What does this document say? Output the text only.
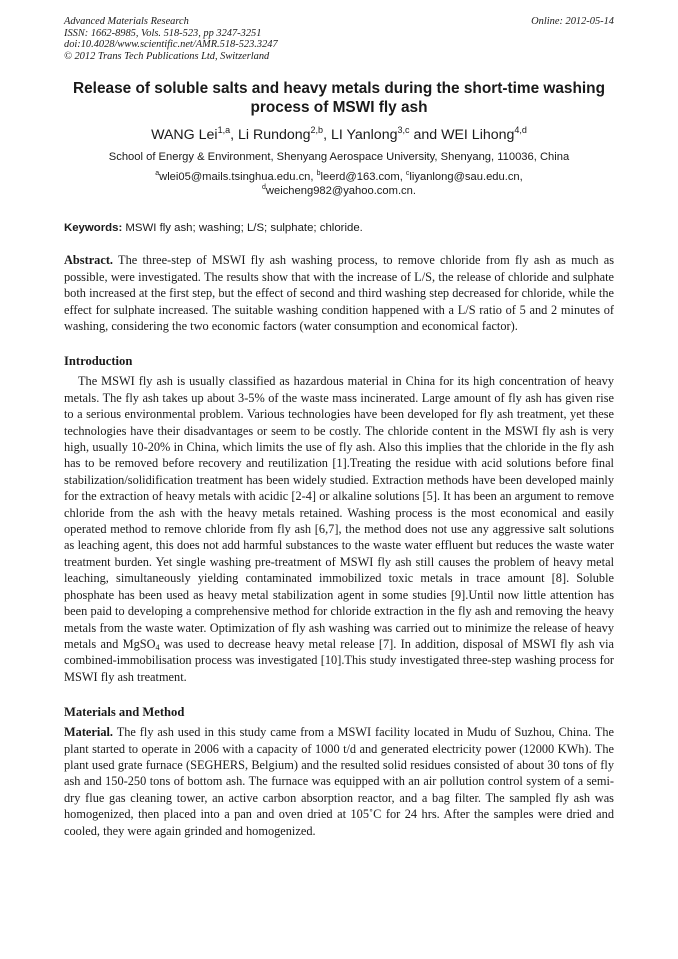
Advanced Materials Research
ISSN: 1662-8985, Vols. 518-523, pp 3247-3251
doi:10.4028/www.scientific.net/AMR.518-523.3247
© 2012 Trans Tech Publications Ltd, Switzerland
Online: 2012-05-14
Release of soluble salts and heavy metals during the short-time washing process of MSWI fly ash
WANG Lei$^{1,a}$, Li Rundong$^{2,b}$, LI Yanlong$^{3,c}$ and WEI Lihong$^{4,d}$
School of Energy & Environment, Shenyang Aerospace University, Shenyang, 110036, China
$^a$wlei05@mails.tsinghua.edu.cn, $^b$leerd@163.com, $^c$liyanlong@sau.edu.cn,
$^d$weicheng982@yahoo.com.cn.
Keywords: MSWI fly ash; washing; L/S; sulphate; chloride.

Abstract. The three-step of MSWI fly ash washing process, to remove chloride from fly ash as much as possible, were investigated. The results show that with the increase of L/S, the release of chloride and sulphate both increased at the first step, but the effect of second and third washing step decreased for chloride, while the effect for sulphate increased. The suitable washing condition happened with a L/S ratio of 5 and 2 minutes of washing, considering the two economic factors (water consumption and economical factor).

Introduction

The MSWI fly ash is usually classified as hazardous material in China for its high concentration of heavy metals. The fly ash takes up about 3-5% of the waste mass incinerated. Large amount of fly ash has given rise to a serious environmental problem. Various technologies have been developed for fly ash treatment, yet these technologies have their disadvantages or seem to be costly. The chloride content in the MSWI fly ash is very high, usually 10-20% in China, which limits the use of fly ash. Also this implies that the chloride in the fly ash has to be removed before recovery and reutilization [1].Treating the residue with acid solutions before final stabilization/solidification treatment has been widely studied. Extraction methods have been developed mainly for the extraction of heavy metals with acidic [2-4] or alkaline solutions [5]. It has been an argument to remove chloride from the ash with the heavy metals retained. Washing process is the most economical and easily operated method to remove chloride from fly ash [6,7], the method does not use any aggressive salt solutions as leaching agent, this does not add harmful substances to the waste water effluent but reduces the waste water treatment burden. Yet single washing pre-treatment of MSWI fly ash still causes the problem of heavy metal leaching, simultaneously yielding contaminated immobilized toxic metals in trace amount [8]. Soluble phosphate has been used as heavy metal stabilization agent in some studies [9].Until now little attention has been paid to developing a comprehensive method for chloride extraction in the fly ash and removing the heavy metals from the waste water. Optimization of fly ash washing was carried out to minimize the release of heavy metals and MgSO$_4$ was used to decrease heavy metal release [7]. In addition, disposal of MSWI fly ash via combined-immobilisation process was investigated [10].This study investigated three-step washing process for MSWI fly ash treatment.

Materials and Method

Material. The fly ash used in this study came from a MSWI facility located in Mudu of Suzhou, China. The plant started to operate in 2006 with a capacity of 1000 t/d and generated electricity power (12000 KWh). The plant used grate furnace (SEGHERS, Belgium) and the resulted solid residues consisted of about 30 tons of fly ash and 150-250 tons of bottom ash. The furnace was equipped with an air pollution control system of a semi-dry flue gas cleaning tower, an active carbon absorption reactor, and a bag filter. The sampled fly ash was homogenized, then placed into a pan and oven dried at 105˚C for 24 hrs. After the samples were dried and cooled, they were again grinded and homogenized.
